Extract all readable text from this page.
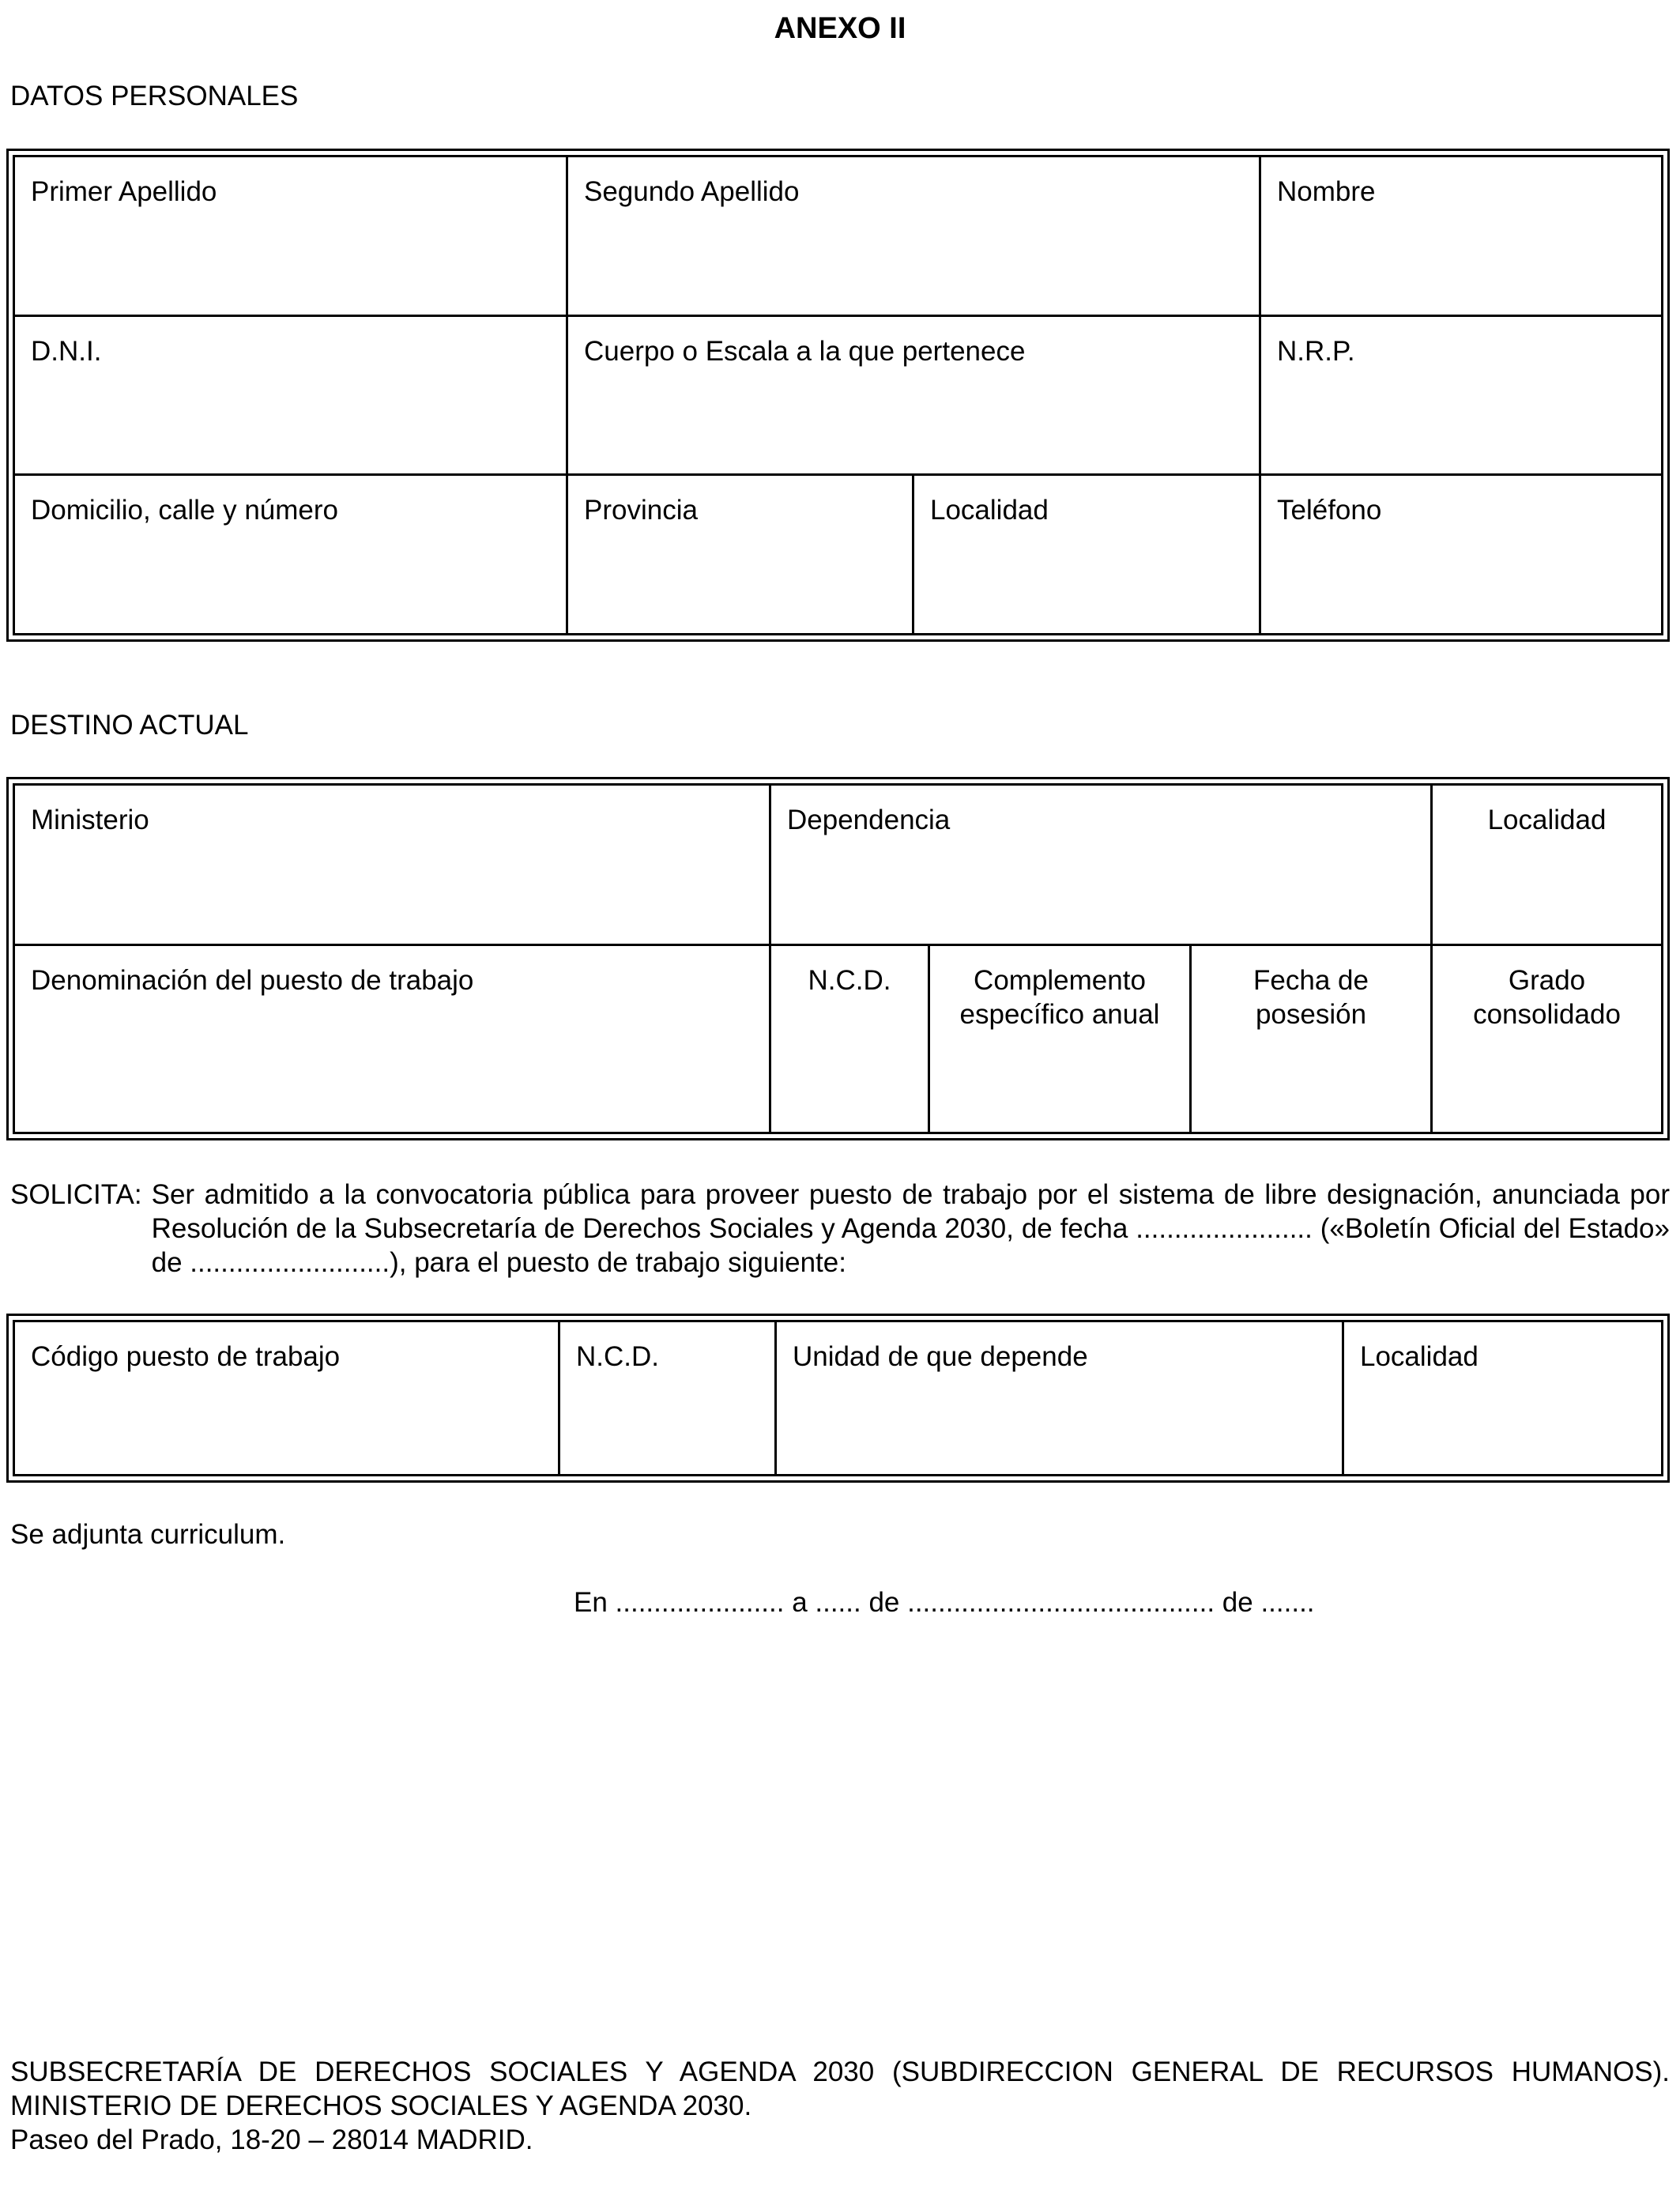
ANEXO II
DATOS PERSONALES
Primer Apellido	Segundo Apellido		Nombre
D.N.I.	Cuerpo o Escala a la que pertenece		N.R.P.
Domicilio, calle y número	Provincia	Localidad	Teléfono
DESTINO ACTUAL
Ministerio	Dependencia			Localidad
Denominación del puesto de trabajo	N.C.D.	Complemento específico anual	Fecha de posesión	Grado consolidado
SOLICITA: Ser admitido a la convocatoria pública para proveer puesto de trabajo por el sistema de libre designación, anunciada por Resolución de la Subsecretaría de Derechos Sociales y Agenda 2030, de fecha ....................... («Boletín Oficial del Estado» de ..........................), para el puesto de trabajo siguiente:
Código puesto de trabajo	N.C.D.	Unidad de que depende	Localidad
Se adjunta curriculum.
En ...................... a ...... de ........................................ de .......
SUBSECRETARÍA DE DERECHOS SOCIALES Y AGENDA 2030 (SUBDIRECCION GENERAL DE RECURSOS HUMANOS).
MINISTERIO DE DERECHOS SOCIALES Y AGENDA 2030.
Paseo del Prado, 18-20 – 28014 MADRID.
